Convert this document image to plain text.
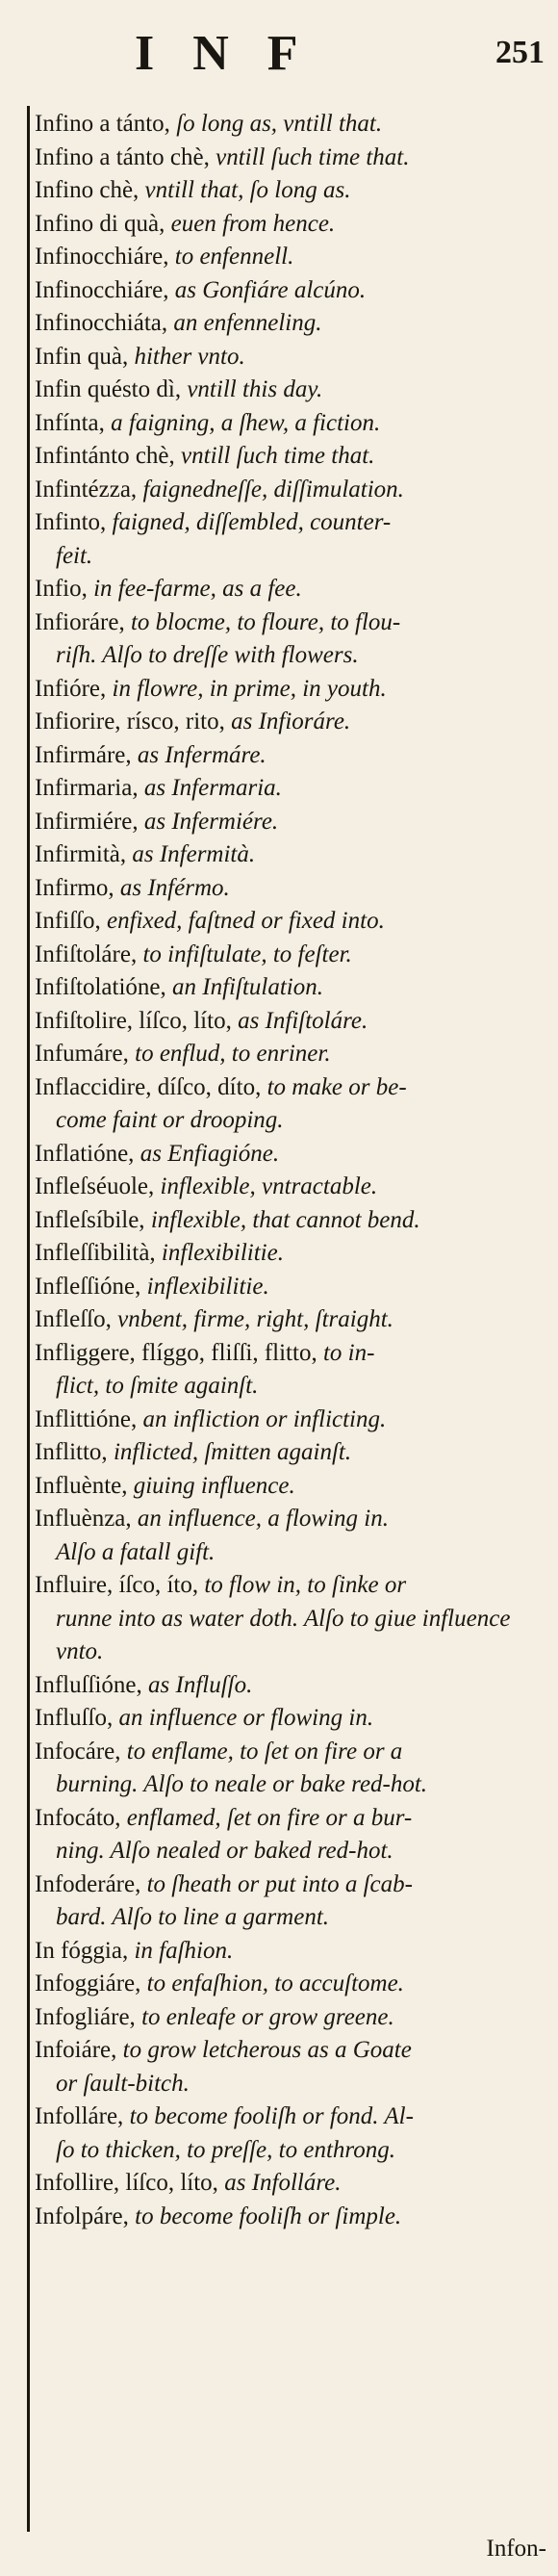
INF	251
Infino a tánto, ſo long as, vntill that.
Infino a tánto chè, vntill ſuch time that.
Infino chè, vntill that, ſo long as.
Infino di quà, euen from hence.
Infinocchiáre, to enfennell.
Infinocchiáre, as Gonfiáre alcúno.
Infinocchiáta, an enfenneling.
Infin quà, hither vnto.
Infin quésto dì, vntill this day.
Infínta, a faigning, a ſhew, a fiction.
Infintánto chè, vntill ſuch time that.
Infintézza, faignedneſſe, diſſimulation.
Infinto, faigned, diſſembled, counter-
feit.
Infio, in fee-farme, as a fee.
Infioráre, to blocme, to floure, to flou-
riſh. Alſo to dreſſe with flowers.
Infióre, in flowre, in prime, in youth.
Infiorire, rísco, rito, as Infioráre.
Infirmáre, as Infermáre.
Infirmaria, as Infermaria.
Infirmiére, as Infermiére.
Infirmità, as Infermità.
Infirmo, as Inférmo.
Infiſſo, enfixed, faſtned or fixed into.
Infiſtoláre, to infiſtulate, to feſter.
Infiſtolatióne, an Infiſtulation.
Infiſtolire, líſco, líto, as Infiſtoláre.
Infumáre, to enflud, to enriner.
Inflaccidire, díſco, díto, to make or be-
come faint or drooping.
Inflatióne, as Enfiagióne.
Infleſséuole, inflexible, vntractable.
Infleſsíbile, inflexible, that cannot bend.
Infleſſibilità, inflexibilitie.
Infleſſióne, inflexibilitie.
Infleſſo, vnbent, firme, right, ſtraight.
Infliggere, flíggo, fliſſi, flitto, to in-
flict, to ſmite againſt.
Inflittióne, an infliction or inflicting.
Inflitto, inflicted, ſmitten againſt.
Influènte, giuing influence.
Influènza, an influence, a flowing in.
Alſo a fatall gift.
Influire, íſco, íto, to flow in, to ſinke or
runne into as water doth. Alſo to giue influence vnto.
Influſſióne, as Influſſo.
Influſſo, an influence or flowing in.
Infocáre, to enflame, to ſet on fire or a
burning. Alſo to neale or bake red-hot.
Infocáto, enflamed, ſet on fire or a bur-
ning. Alſo nealed or baked red-hot.
Infoderáre, to ſheath or put into a ſcab-
bard. Alſo to line a garment.
In fóggia, in faſhion.
Infoggiáre, to enfaſhion, to accuſtome.
Infogliáre, to enleafe or grow greene.
Infoiáre, to grow letcherous as a Goate
or ſault-bitch.
Infolláre, to become fooliſh or fond. Al-
ſo to thicken, to preſſe, to enthrong.
Infollire, líſco, líto, as Infolláre.
Infolpáre, to become fooliſh or ſimple.
Infon-
